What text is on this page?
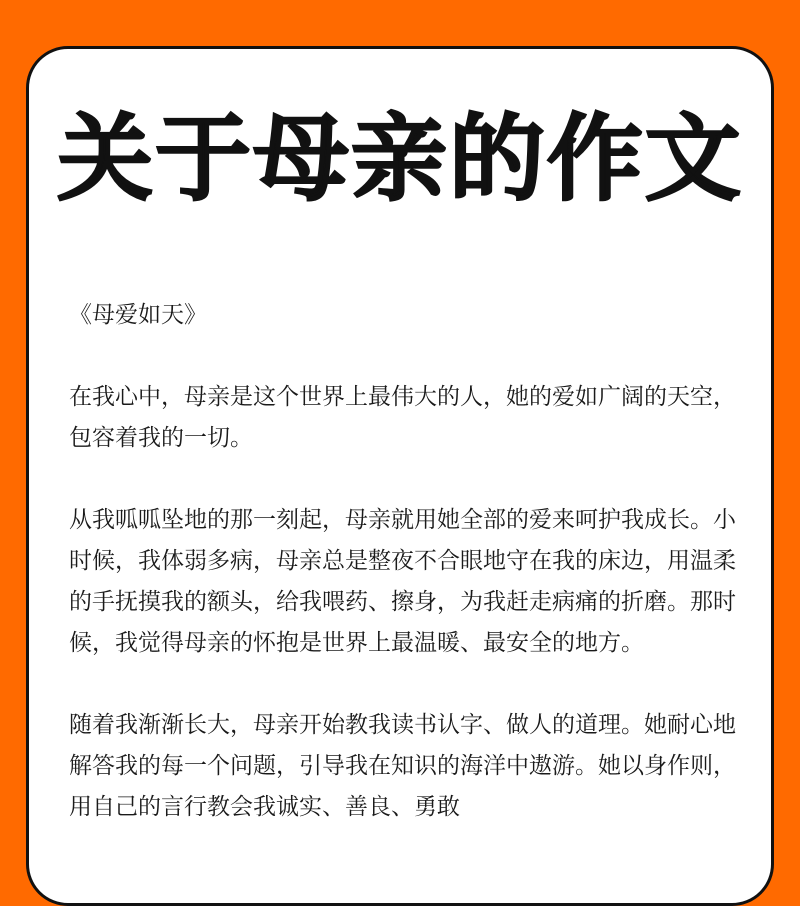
关于母亲的作文

《母爱如天》

在我心中，母亲是这个世界上最伟大的人，她的爱如广阔的天空，包容着我的一切。

从我呱呱坠地的那一刻起，母亲就用她全部的爱来呵护我成长。小时候，我体弱多病，母亲总是整夜不合眼地守在我的床边，用温柔的手抚摸我的额头，给我喂药、擦身，为我赶走病痛的折磨。那时候，我觉得母亲的怀抱是世界上最温暖、最安全的地方。

随着我渐渐长大，母亲开始教我读书认字、做人的道理。她耐心地解答我的每一个问题，引导我在知识的海洋中遨游。她以身作则，用自己的言行教会我诚实、善良、勇敢
